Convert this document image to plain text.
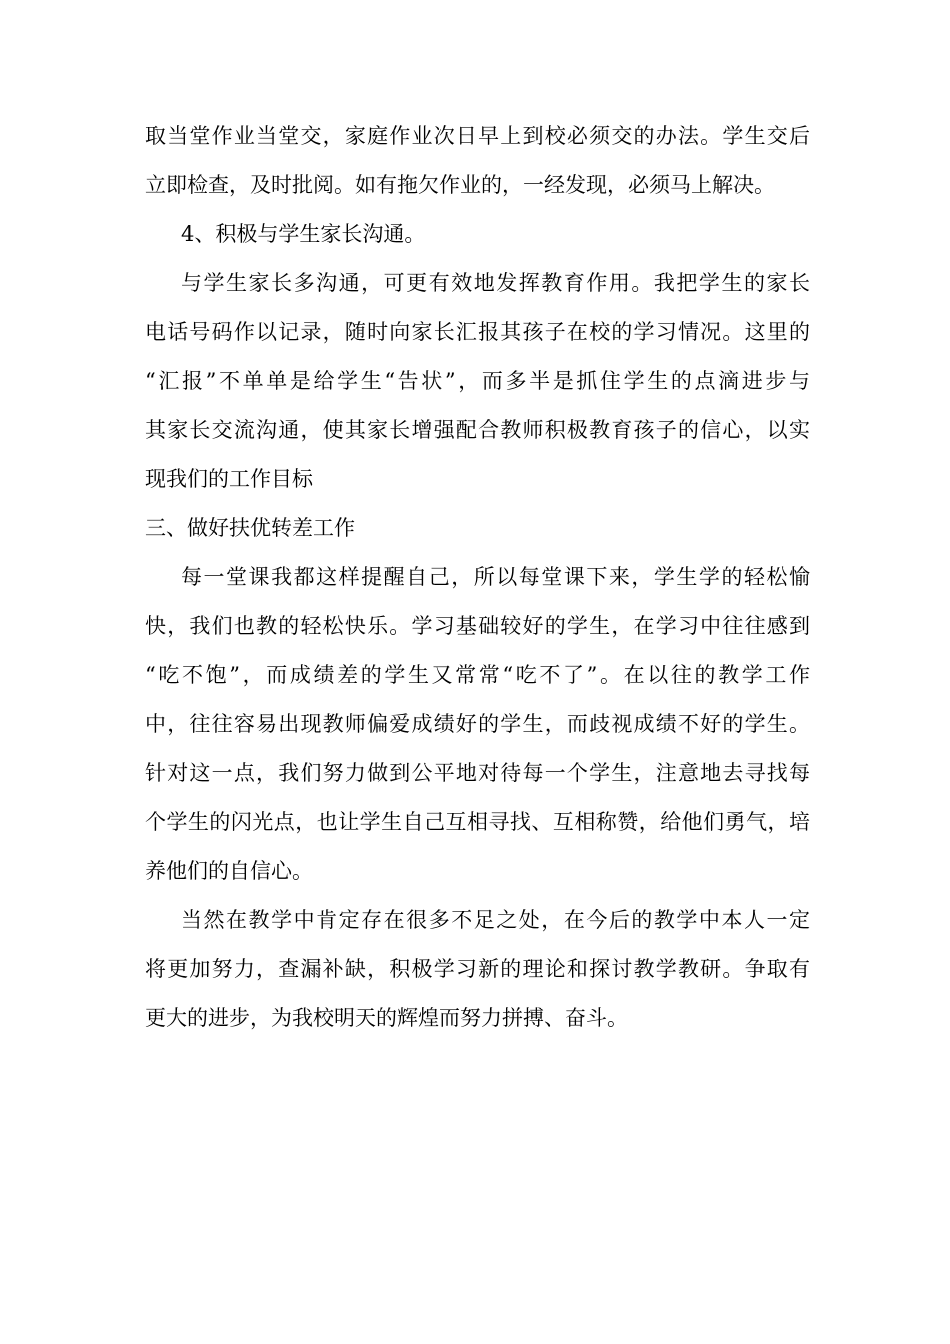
取当堂作业当堂交，家庭作业次日早上到校必须交的办法。学生交后
立即检查，及时批阅。如有拖欠作业的，一经发现，必须马上解决。
4、积极与学生家长沟通。
与学生家长多沟通，可更有效地发挥教育作用。我把学生的家长
电话号码作以记录，随时向家长汇报其孩子在校的学习情况。这里的
“汇报”不单单是给学生“告状”，而多半是抓住学生的点滴进步与
其家长交流沟通，使其家长增强配合教师积极教育孩子的信心，以实
现我们的工作目标
三、做好扶优转差工作
每一堂课我都这样提醒自己，所以每堂课下来，学生学的轻松愉
快，我们也教的轻松快乐。学习基础较好的学生，在学习中往往感到
“吃不饱”，而成绩差的学生又常常“吃不了”。在以往的教学工作
中，往往容易出现教师偏爱成绩好的学生，而歧视成绩不好的学生。
针对这一点，我们努力做到公平地对待每一个学生，注意地去寻找每
个学生的闪光点，也让学生自己互相寻找、互相称赞，给他们勇气，培
养他们的自信心。
当然在教学中肯定存在很多不足之处，在今后的教学中本人一定
将更加努力，查漏补缺，积极学习新的理论和探讨教学教研。争取有
更大的进步，为我校明天的辉煌而努力拼搏、奋斗。
